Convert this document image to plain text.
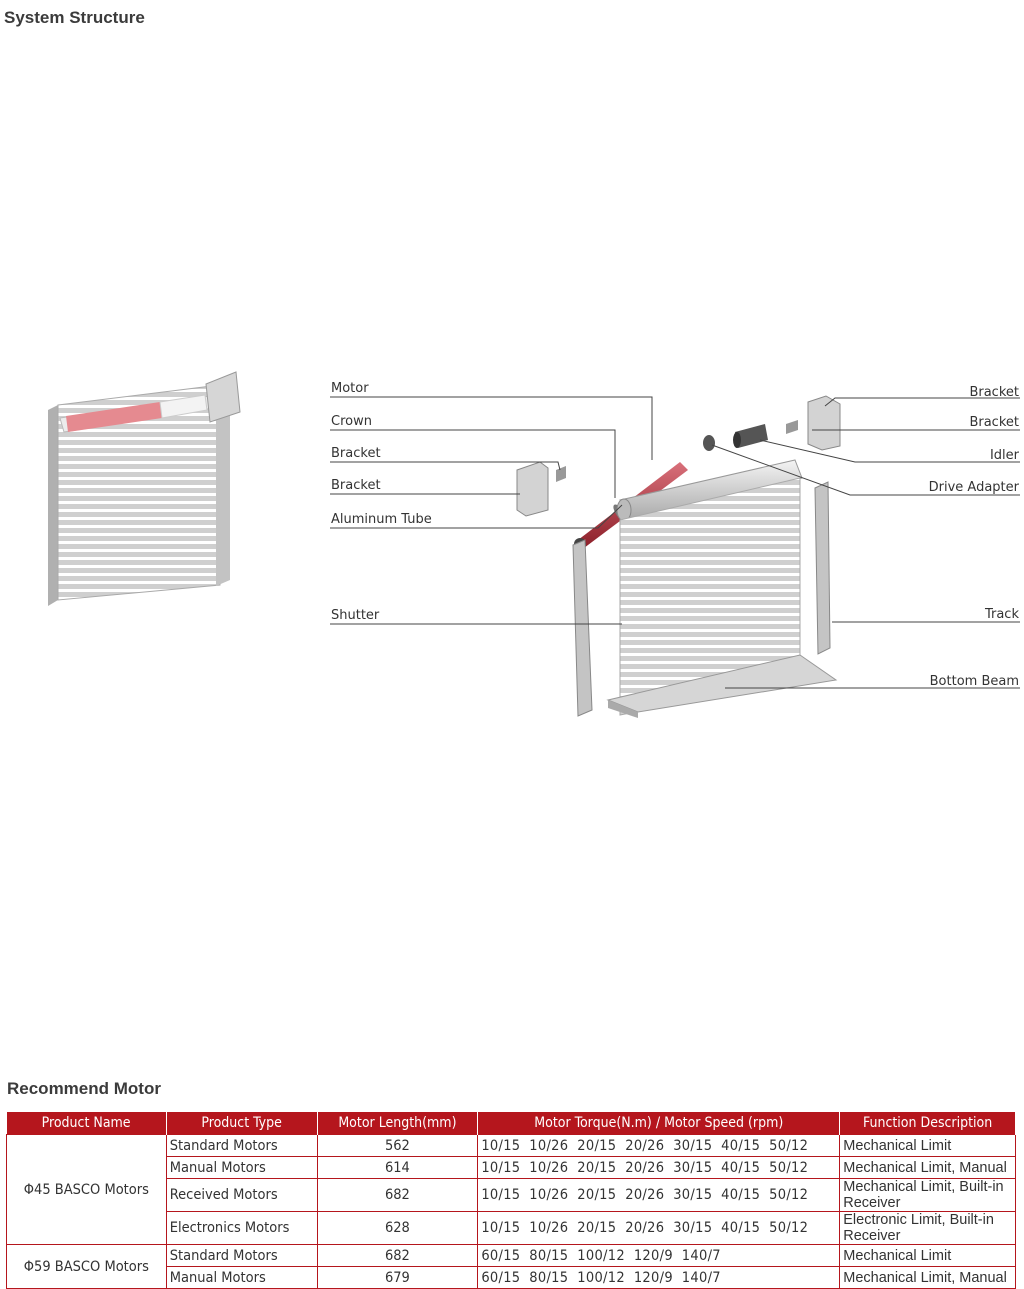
System Structure
Motor
Crown
Bracket
Bracket
Aluminum Tube
Shutter
Bracket
Bracket
Idler
Drive Adapter
Track
Bottom Beam
Recommend Motor
Product Name	Product Type	Motor Length(mm)	Motor Torque(N.m) / Motor Speed (rpm)	Function Description
Φ45 BASCO Motors	Standard Motors	562	10/15  10/26  20/15  20/26  30/15  40/15  50/12	Mechanical Limit
	Manual Motors	614	10/15  10/26  20/15  20/26  30/15  40/15  50/12	Mechanical Limit, Manual
	Received Motors	682	10/15  10/26  20/15  20/26  30/15  40/15  50/12	Mechanical Limit, Built-in Receiver
	Electronics Motors	628	10/15  10/26  20/15  20/26  30/15  40/15  50/12	Electronic Limit, Built-in Receiver
Φ59 BASCO Motors	Standard Motors	682	60/15  80/15  100/12  120/9  140/7	Mechanical Limit
	Manual Motors	679	60/15  80/15  100/12  120/9  140/7	Mechanical Limit, Manual
